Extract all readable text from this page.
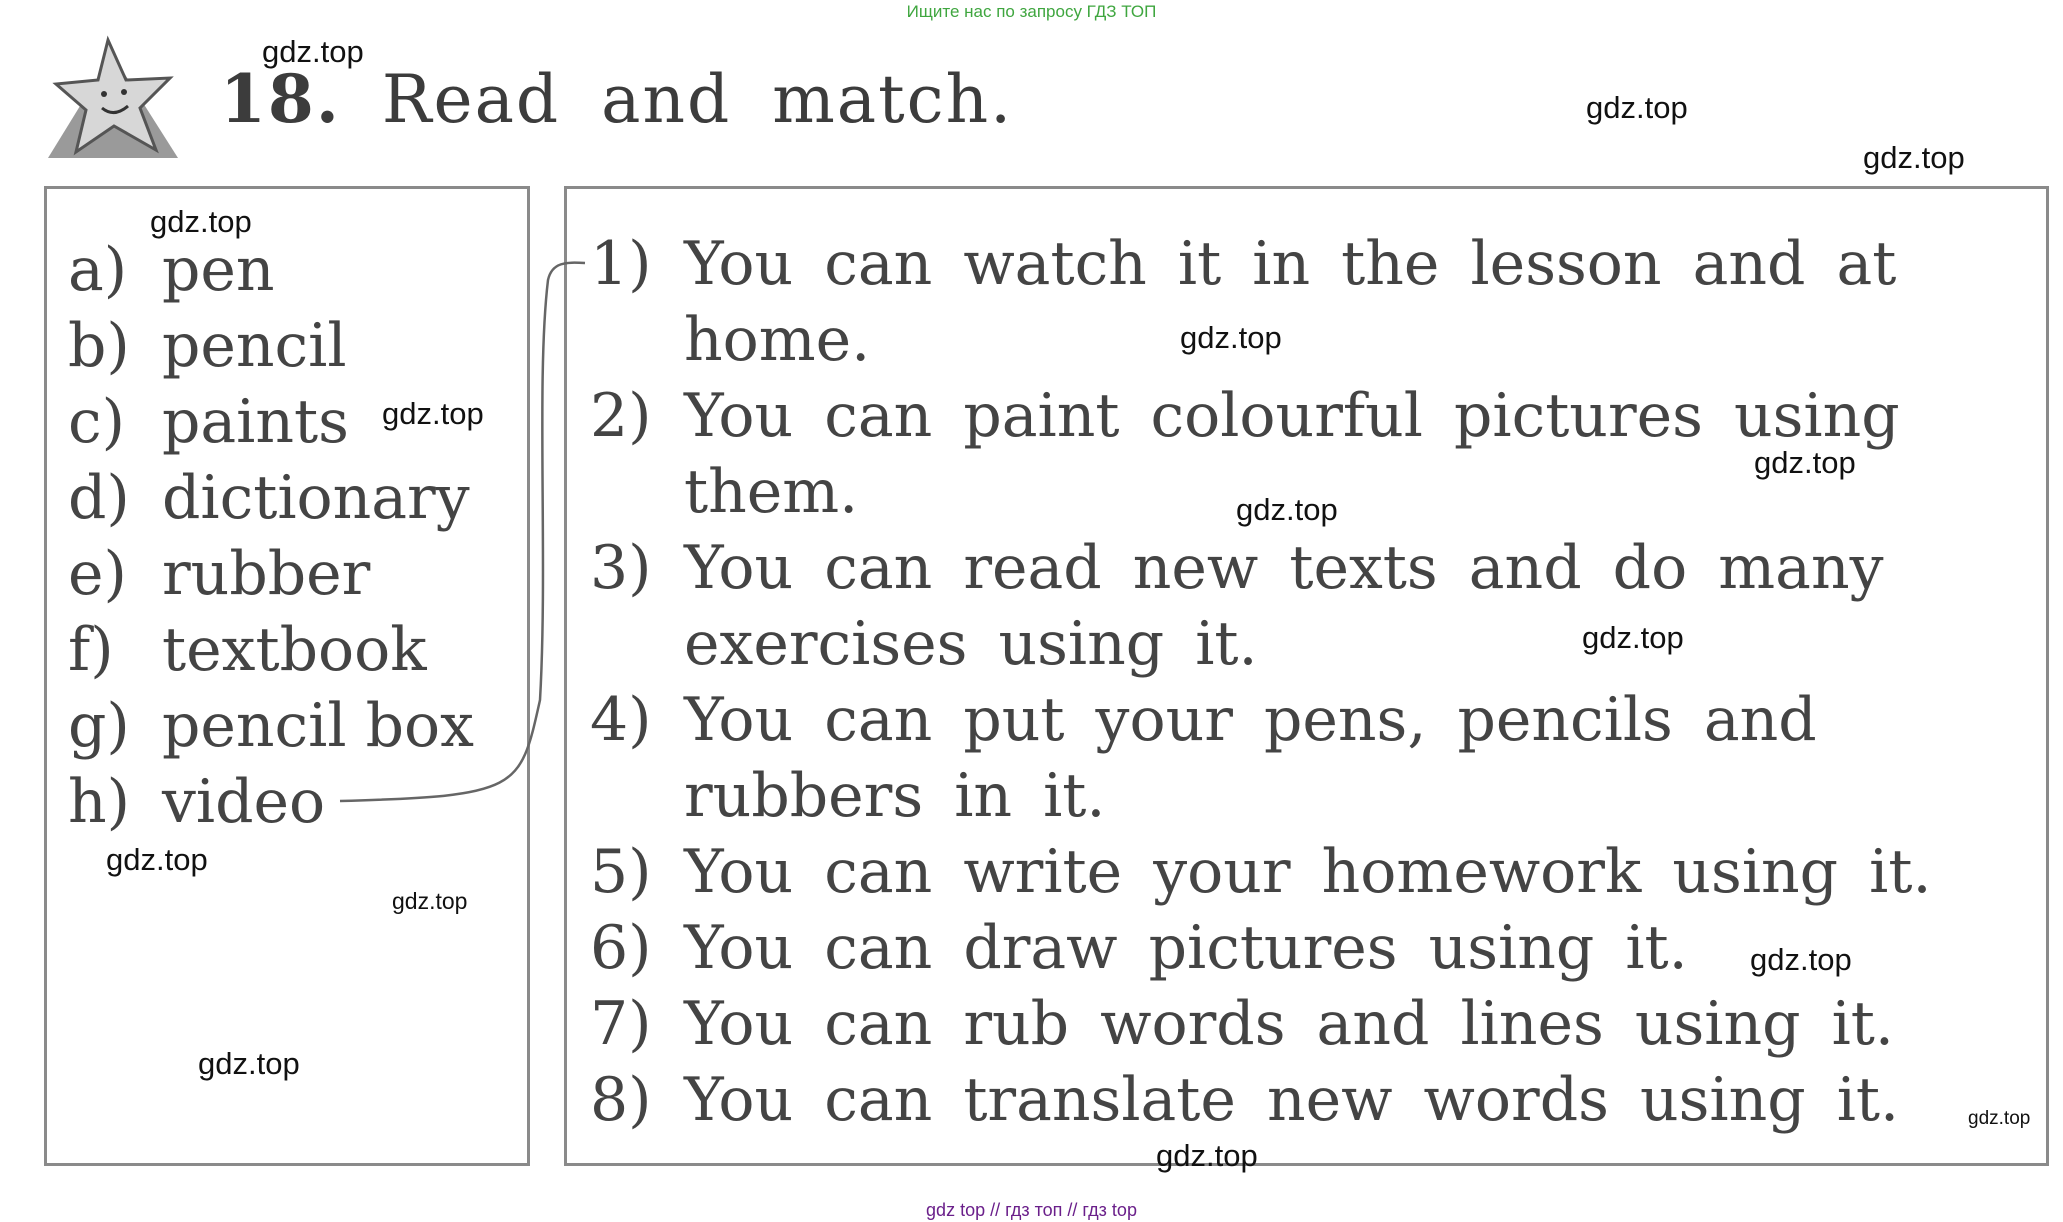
Ищите нас по запросу ГДЗ ТОП
18. Read and match.
a) pen
b) pencil
c) paints
d) dictionary
e) rubber
f) textbook
g) pencil box
h) video
1) You can watch it in the lesson and at home.
2) You can paint colourful pictures using them.
3) You can read new texts and do many exercises using it.
4) You can put your pens, pencils and rubbers in it.
5) You can write your homework using it.
6) You can draw pictures using it.
7) You can rub words and lines using it.
8) You can translate new words using it.
gdz.top
gdz.top
gdz.top
gdz.top
gdz.top
gdz.top
gdz.top
gdz.top
gdz.top
gdz.top
gdz.top
gdz.top
gdz.top
gdz.top
gdz.top
gdz top // гдз топ // гдз top
